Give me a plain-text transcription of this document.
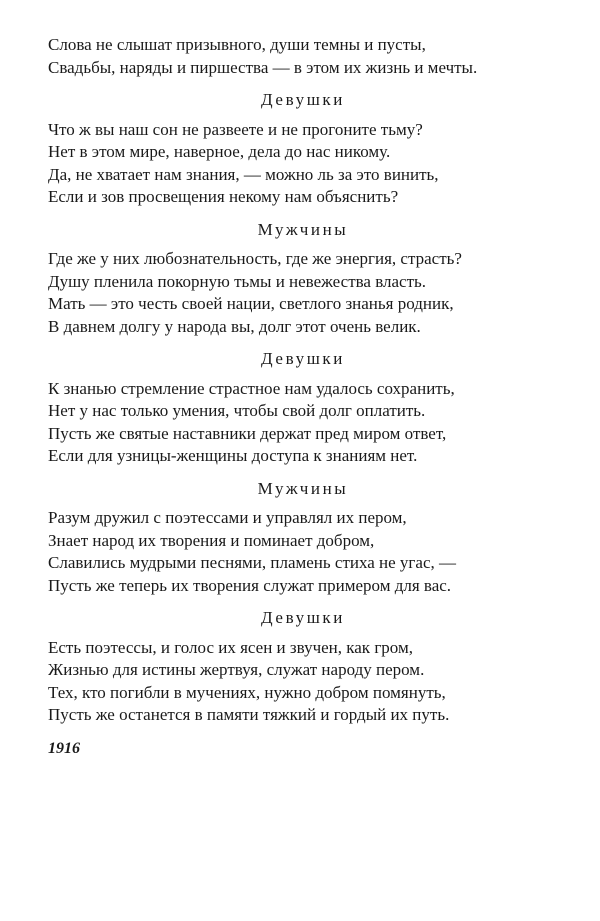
Слова не слышат призывного, души темны и пусты,
Свадьбы, наряды и пиршества — в этом их жизнь и мечты.
Девушки
Что ж вы наш сон не развеете и не прогоните тьму?
Нет в этом мире, наверное, дела до нас никому.
Да, не хватает нам знания, — можно ль за это винить,
Если и зов просвещения некому нам объяснить?
Мужчины
Где же у них любознательность, где же энергия, страсть?
Душу пленила покорную тьмы и невежества власть.
Мать — это честь своей нации, светлого знанья родник,
В давнем долгу у народа вы, долг этот очень велик.
Девушки
К знанью стремление страстное нам удалось сохранить,
Нет у нас только умения, чтобы свой долг оплатить.
Пусть же святые наставники держат пред миром ответ,
Если для узницы-женщины доступа к знаниям нет.
Мужчины
Разум дружил с поэтессами и управлял их пером,
Знает народ их творения и поминает добром,
Славились мудрыми песнями, пламень стиха не угас, —
Пусть же теперь их творения служат примером для вас.
Девушки
Есть поэтессы, и голос их ясен и звучен, как гром,
Жизнью для истины жертвуя, служат народу пером.
Тех, кто погибли в мучениях, нужно добром помянуть,
Пусть же останется в памяти тяжкий и гордый их путь.
1916
